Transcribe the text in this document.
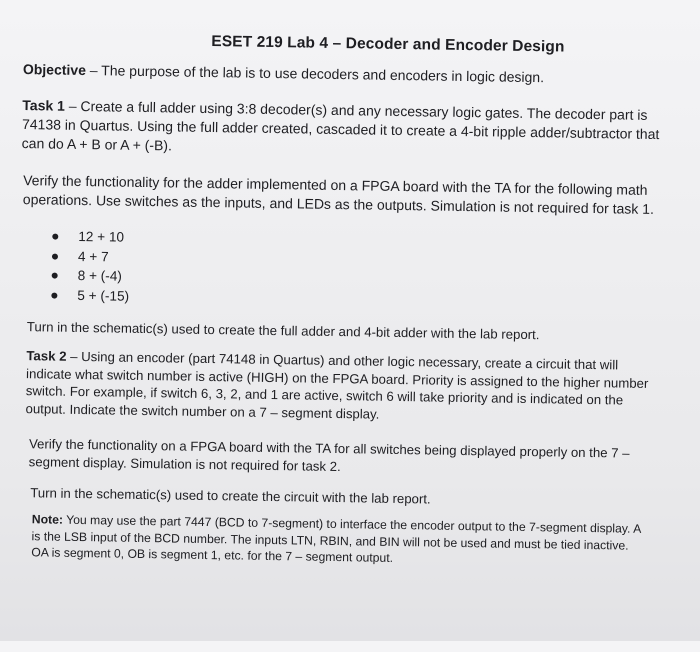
ESET 219 Lab 4 – Decoder and Encoder Design

Objective – The purpose of the lab is to use decoders and encoders in logic design.

Task 1 – Create a full adder using 3:8 decoder(s) and any necessary logic gates. The decoder part is 74138 in Quartus. Using the full adder created, cascaded it to create a 4-bit ripple adder/subtractor that can do A + B or A + (-B).

Verify the functionality for the adder implemented on a FPGA board with the TA for the following math operations. Use switches as the inputs, and LEDs as the outputs. Simulation is not required for task 1.

12 + 10
4 + 7
8 + (-4)
5 + (-15)

Turn in the schematic(s) used to create the full adder and 4-bit adder with the lab report.

Task 2 – Using an encoder (part 74148 in Quartus) and other logic necessary, create a circuit that will indicate what switch number is active (HIGH) on the FPGA board. Priority is assigned to the higher number switch. For example, if switch 6, 3, 2, and 1 are active, switch 6 will take priority and is indicated on the output. Indicate the switch number on a 7 – segment display.

Verify the functionality on a FPGA board with the TA for all switches being displayed properly on the 7 – segment display. Simulation is not required for task 2.

Turn in the schematic(s) used to create the circuit with the lab report.

Note: You may use the part 7447 (BCD to 7-segment) to interface the encoder output to the 7-segment display. A is the LSB input of the BCD number. The inputs LTN, RBIN, and BIN will not be used and must be tied inactive. OA is segment 0, OB is segment 1, etc. for the 7 – segment output.
